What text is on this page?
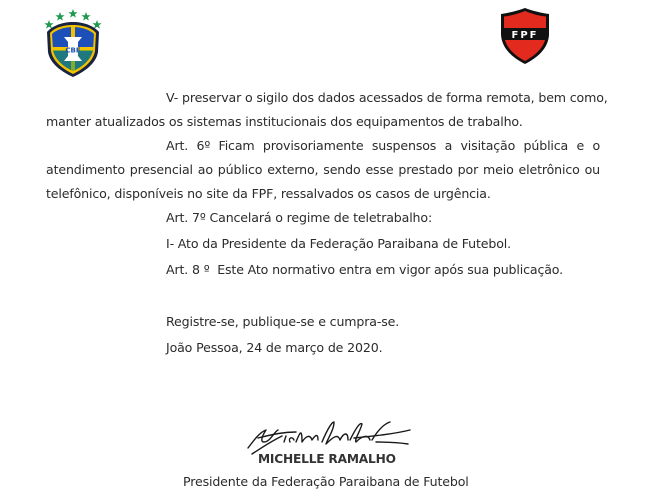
CBF
FPF
V- preservar o sigilo dos dados acessados de forma remota, bem como,
manter atualizados os sistemas institucionais dos equipamentos de trabalho.
Art. 6º Ficam provisoriamente suspensos a visitação pública e o
atendimento presencial ao público externo, sendo esse prestado por meio eletrônico ou
telefônico, disponíveis no site da FPF, ressalvados os casos de urgência.
Art. 7º Cancelará o regime de teletrabalho:
I- Ato da Presidente da Federação Paraibana de Futebol.
Art. 8 º  Este Ato normativo entra em vigor após sua publicação.
Registre-se, publique-se e cumpra-se.
João Pessoa, 24 de março de 2020.
MICHELLE RAMALHO
Presidente da Federação Paraibana de Futebol
